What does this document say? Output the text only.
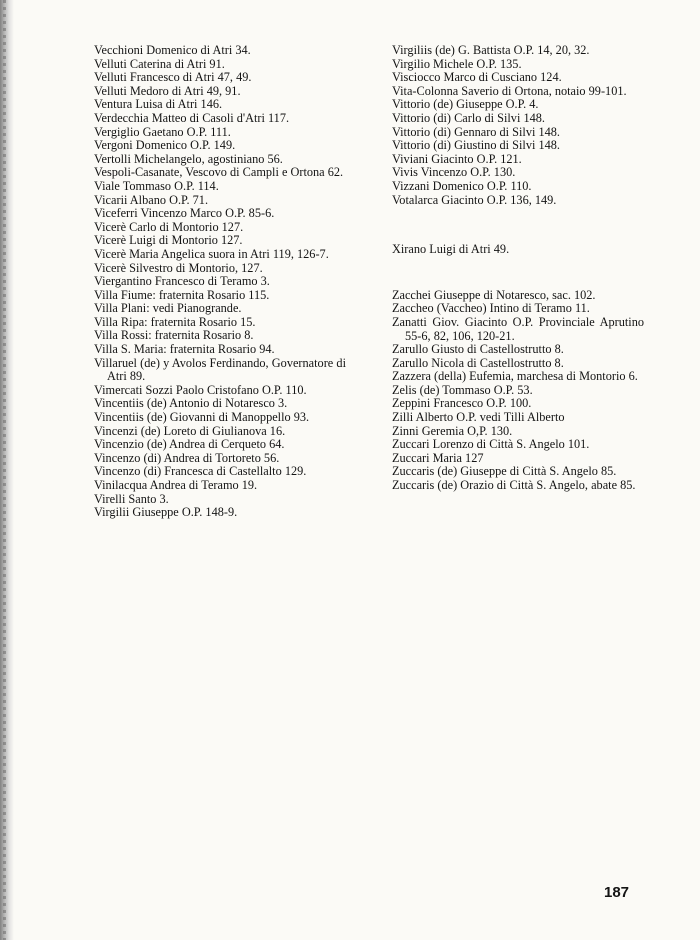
Vecchioni Domenico di Atri 34.

Velluti Caterina di Atri 91.

Velluti Francesco di Atri 47, 49.

Velluti Medoro di Atri 49, 91.

Ventura Luisa di Atri 146.

Verdecchia Matteo di Casoli d'Atri 117.

Vergiglio Gaetano O.P. 111.

Vergoni Domenico O.P. 149.

Vertolli Michelangelo, agostiniano 56.

Vespoli-Casanate, Vescovo di Campli e Ortona 62.

Viale Tommaso O.P. 114.

Vicarii Albano O.P. 71.

Viceferri Vincenzo Marco O.P. 85-6.

Vicerè Carlo di Montorio 127.

Vicerè Luigi di Montorio 127.

Vicerè Maria Angelica suora in Atri 119, 126-7.

Vicerè Silvestro di Montorio, 127.

Viergantino Francesco di Teramo 3.

Villa Fiume: fraternita Rosario 115.

Villa Plani: vedi Pianogrande.

Villa Ripa: fraternita Rosario 15.

Villa Rossi: fraternita Rosario 8.

Villa S. Maria: fraternita Rosario 94.

Villaruel (de) y Avolos Ferdinando, Governatore di Atri 89.

Vimercati Sozzi Paolo Cristofano O.P. 110.

Vincentiis (de) Antonio di Notaresco 3.

Vincentiis (de) Giovanni di Manoppello 93.

Vincenzi (de) Loreto di Giulianova 16.

Vincenzio (de) Andrea di Cerqueto 64.

Vincenzo (di) Andrea di Tortoreto 56.

Vincenzo (di) Francesca di Castellalto 129.

Vinilacqua Andrea di Teramo 19.

Virelli Santo 3.

Virgilii Giuseppe O.P. 148-9.

Virgiliis (de) G. Battista O.P. 14, 20, 32.

Virgilio Michele O.P. 135.

Visciocco Marco di Cusciano 124.

Vita-Colonna Saverio di Ortona, notaio 99-101.

Vittorio (de) Giuseppe O.P. 4.

Vittorio (di) Carlo di Silvi 148.

Vittorio (di) Gennaro di Silvi 148.

Vittorio (di) Giustino di Silvi 148.

Viviani Giacinto O.P. 121.

Vivis Vincenzo O.P. 130.

Vizzani Domenico O.P. 110.

Votalarca Giacinto O.P. 136, 149.

Xirano Luigi di Atri 49.

Zacchei Giuseppe di Notaresco, sac. 102.

Zaccheo (Vaccheo) Intino di Teramo 11.

Zanatti Giov. Giacinto O.P. Provinciale Aprutino 55-6, 82, 106, 120-21.

Zarullo Giusto di Castellostrutto 8.

Zarullo Nicola di Castellostrutto 8.

Zazzera (della) Eufemia, marchesa di Montorio 6.

Zelis (de) Tommaso O.P. 53.

Zeppini Francesco O.P. 100.

Zilli Alberto O.P. vedi Tilli Alberto

Zinni Geremia O,P. 130.

Zuccari Lorenzo di Città S. Angelo 101.

Zuccari Maria 127

Zuccaris (de) Giuseppe di Città S. Angelo 85.

Zuccaris (de) Orazio di Città S. Angelo, abate 85.

187
